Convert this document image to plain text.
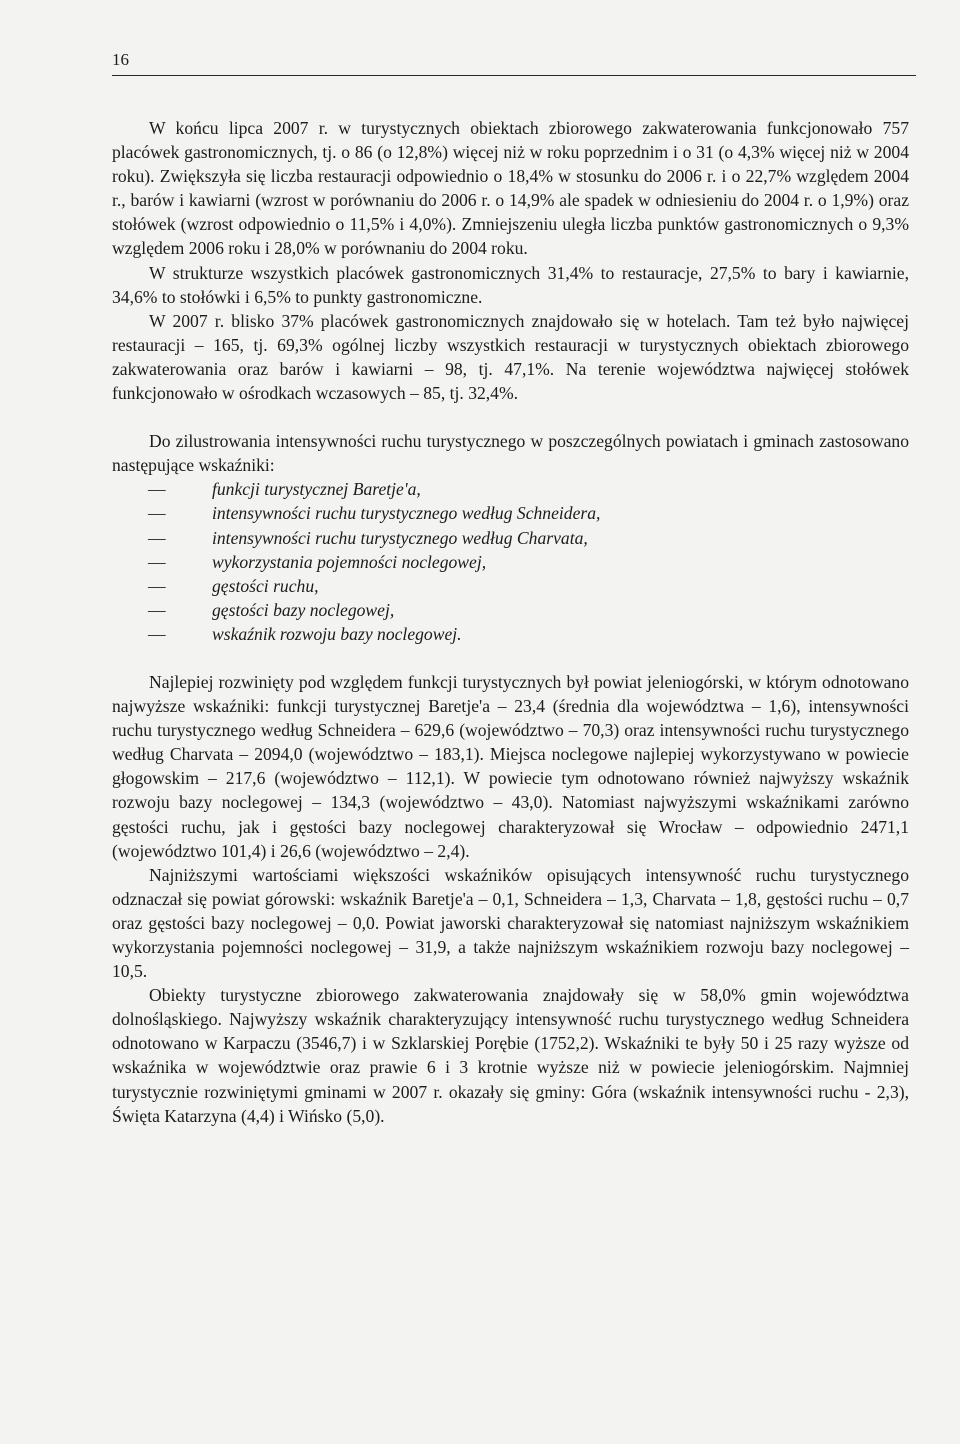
16

W końcu lipca 2007 r. w turystycznych obiektach zbiorowego zakwaterowania funkcjonowało 757 placówek gastronomicznych, tj. o 86 (o 12,8%) więcej niż w roku poprzednim i o 31 (o 4,3% więcej niż w 2004 roku). Zwiększyła się liczba restauracji odpowiednio o 18,4% w stosunku do 2006 r. i o 22,7% względem 2004 r., barów i kawiarni (wzrost w porównaniu do 2006 r. o 14,9% ale spadek w odniesieniu do 2004 r. o 1,9%) oraz stołówek (wzrost odpowiednio o 11,5% i 4,0%). Zmniejszeniu uległa liczba punktów gastronomicznych o 9,3% względem 2006 roku i 28,0% w porównaniu do 2004 roku.

W strukturze wszystkich placówek gastronomicznych 31,4% to restauracje, 27,5% to bary i kawiarnie, 34,6% to stołówki i 6,5% to punkty gastronomiczne.

W 2007 r. blisko 37% placówek gastronomicznych znajdowało się w hotelach. Tam też było najwięcej restauracji – 165, tj. 69,3% ogólnej liczby wszystkich restauracji w turystycznych obiektach zbiorowego zakwaterowania oraz barów i kawiarni – 98, tj. 47,1%. Na terenie województwa najwięcej stołówek funkcjonowało w ośrodkach wczasowych – 85, tj. 32,4%.

Do zilustrowania intensywności ruchu turystycznego w poszczególnych powiatach i gminach zastosowano następujące wskaźniki:

—	funkcji turystycznej Baretje'a,
—	intensywności ruchu turystycznego według Schneidera,
—	intensywności ruchu turystycznego według Charvata,
—	wykorzystania pojemności noclegowej,
—	gęstości ruchu,
—	gęstości bazy noclegowej,
—	wskaźnik rozwoju bazy noclegowej.

Najlepiej rozwinięty pod względem funkcji turystycznych był powiat jeleniogórski, w którym odnotowano najwyższe wskaźniki: funkcji turystycznej Baretje'a – 23,4 (średnia dla województwa – 1,6), intensywności ruchu turystycznego według Schneidera – 629,6 (województwo – 70,3) oraz intensywności ruchu turystycznego według Charvata – 2094,0 (województwo – 183,1). Miejsca noclegowe najlepiej wykorzystywano w powiecie głogowskim – 217,6 (województwo – 112,1). W powiecie tym odnotowano również najwyższy wskaźnik rozwoju bazy noclegowej – 134,3 (województwo – 43,0). Natomiast najwyższymi wskaźnikami zarówno gęstości ruchu, jak i gęstości bazy noclegowej charakteryzował się Wrocław – odpowiednio 2471,1 (województwo 101,4) i 26,6 (województwo – 2,4).

Najniższymi wartościami większości wskaźników opisujących intensywność ruchu turystycznego odznaczał się powiat górowski: wskaźnik Baretje'a – 0,1, Schneidera – 1,3, Charvata – 1,8, gęstości ruchu – 0,7 oraz gęstości bazy noclegowej – 0,0. Powiat jaworski charakteryzował się natomiast najniższym wskaźnikiem wykorzystania pojemności noclegowej – 31,9, a także najniższym wskaźnikiem rozwoju bazy noclegowej – 10,5.

Obiekty turystyczne zbiorowego zakwaterowania znajdowały się w 58,0% gmin województwa dolnośląskiego. Najwyższy wskaźnik charakteryzujący intensywność ruchu turystycznego według Schneidera odnotowano w Karpaczu (3546,7) i w Szklarskiej Porębie (1752,2). Wskaźniki te były 50 i 25 razy wyższe od wskaźnika w województwie oraz prawie 6 i 3 krotnie wyższe niż w powiecie jeleniogórskim. Najmniej turystycznie rozwiniętymi gminami w 2007 r. okazały się gminy: Góra (wskaźnik intensywności ruchu - 2,3), Święta Katarzyna (4,4) i Wińsko (5,0).
